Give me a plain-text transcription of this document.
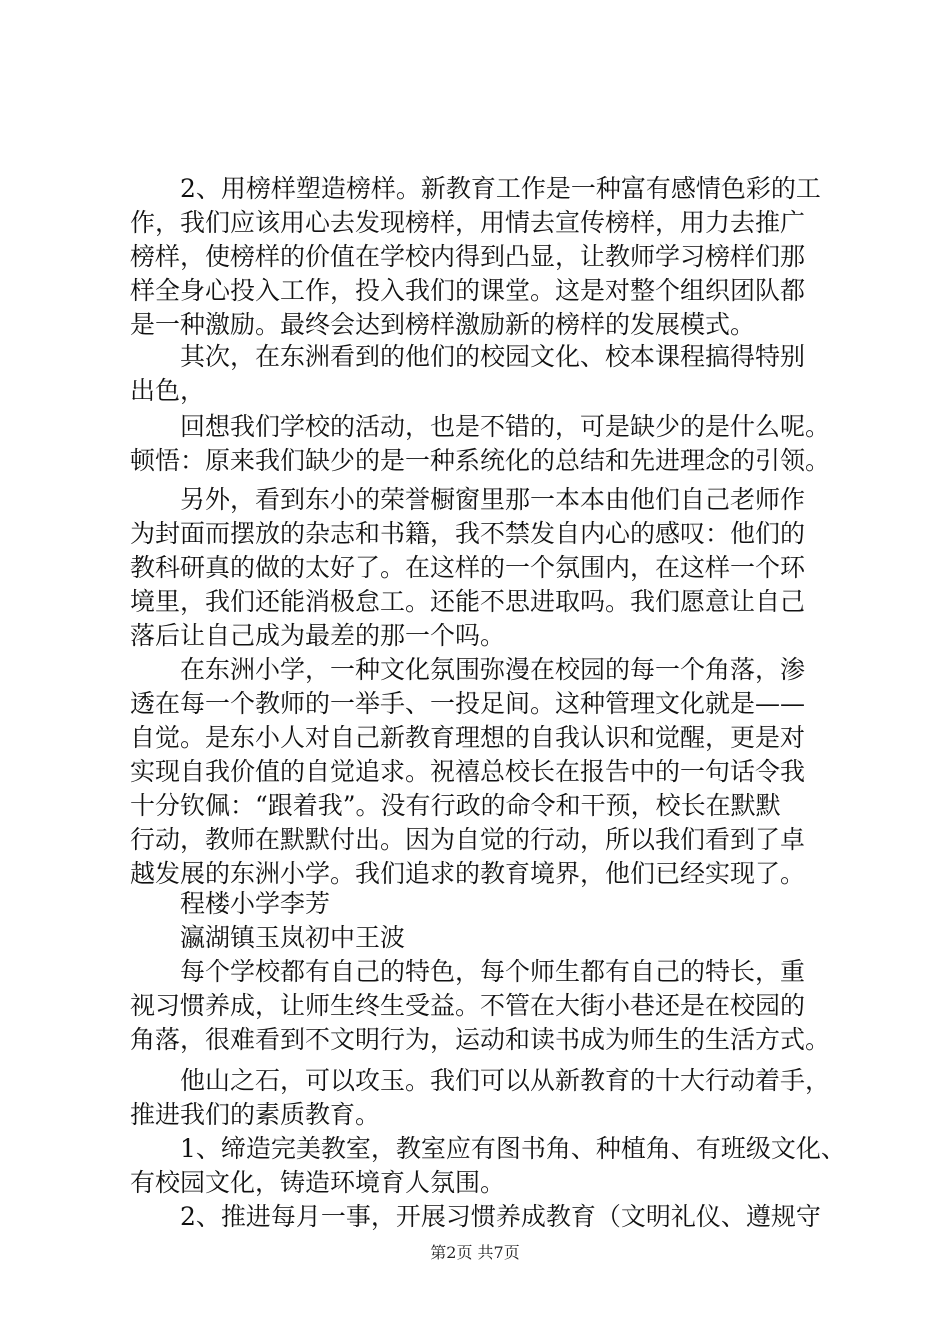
2、用榜样塑造榜样。新教育工作是一种富有感情色彩的工
作，我们应该用心去发现榜样，用情去宣传榜样，用力去推广
榜样，使榜样的价值在学校内得到凸显，让教师学习榜样们那
样全身心投入工作，投入我们的课堂。这是对整个组织团队都
是一种激励。最终会达到榜样激励新的榜样的发展模式。
其次，在东洲看到的他们的校园文化、校本课程搞得特别
出色，
回想我们学校的活动，也是不错的，可是缺少的是什么呢。
顿悟：原来我们缺少的是一种系统化的总结和先进理念的引领。
另外，看到东小的荣誉橱窗里那一本本由他们自己老师作
为封面而摆放的杂志和书籍，我不禁发自内心的感叹：他们的
教科研真的做的太好了。在这样的一个氛围内，在这样一个环
境里，我们还能消极怠工。还能不思进取吗。我们愿意让自己
落后让自己成为最差的那一个吗。
在东洲小学，一种文化氛围弥漫在校园的每一个角落，渗
透在每一个教师的一举手、一投足间。这种管理文化就是——
自觉。是东小人对自己新教育理想的自我认识和觉醒，更是对
实现自我价值的自觉追求。祝禧总校长在报告中的一句话令我
十分钦佩：“跟着我”。没有行政的命令和干预，校长在默默
行动，教师在默默付出。因为自觉的行动，所以我们看到了卓
越发展的东洲小学。我们追求的教育境界，他们已经实现了。
程楼小学李芳
瀛湖镇玉岚初中王波
每个学校都有自己的特色，每个师生都有自己的特长，重
视习惯养成，让师生终生受益。不管在大街小巷还是在校园的
角落，很难看到不文明行为，运动和读书成为师生的生活方式。
他山之石，可以攻玉。我们可以从新教育的十大行动着手，
推进我们的素质教育。
1、缔造完美教室，教室应有图书角、种植角、有班级文化、
有校园文化，铸造环境育人氛围。
2、推进每月一事，开展习惯养成教育（文明礼仪、遵规守
第2页 共7页
